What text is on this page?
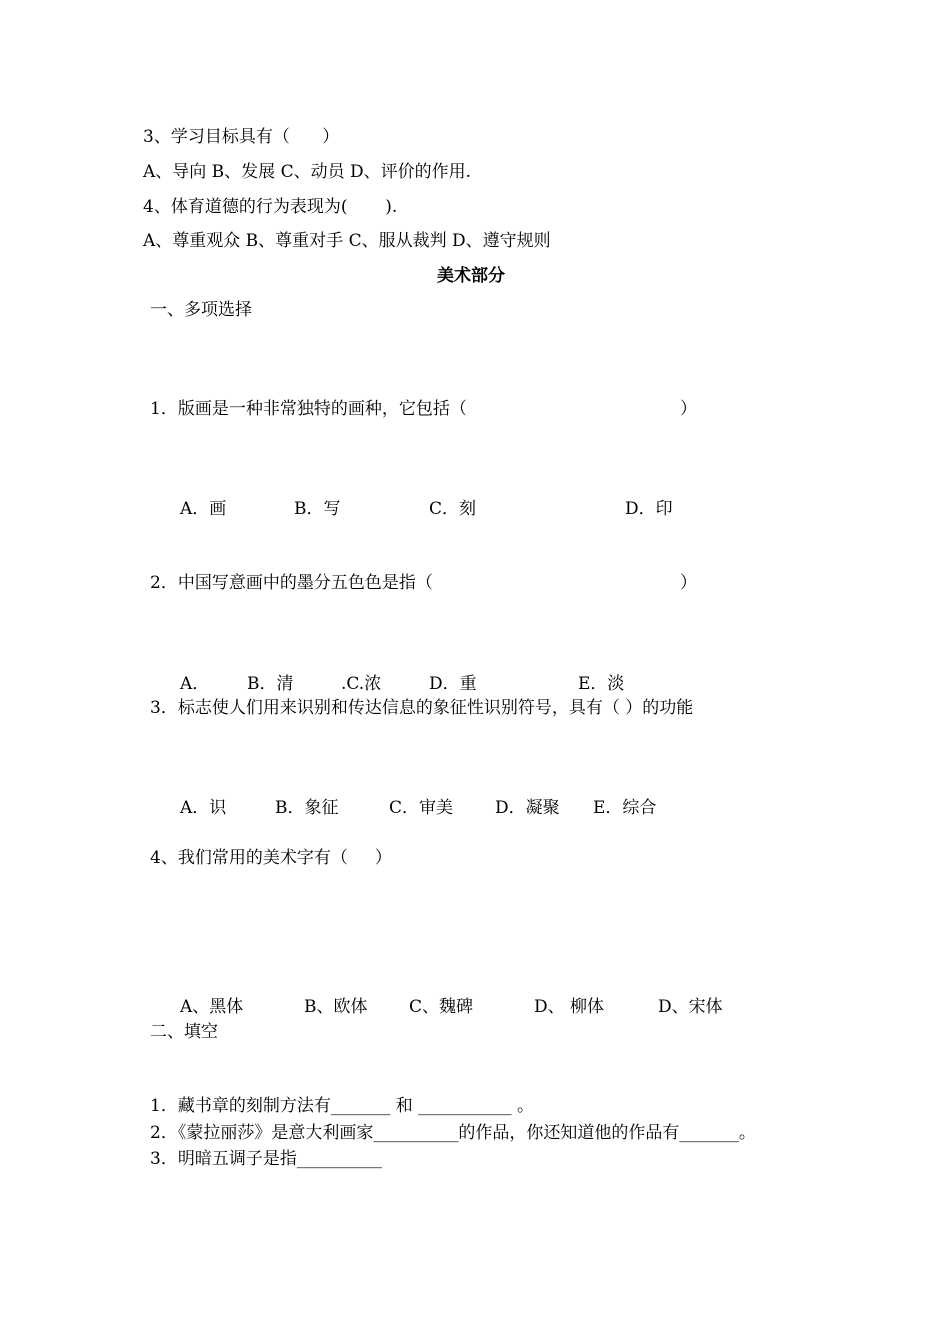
3、学习目标具有（      ）
A、导向 B、发展 C、动员 D、评价的作用.
4、体育道德的行为表现为(       ).
A、尊重观众 B、尊重对手 C、服从裁判 D、遵守规则
美术部分
一、多项选择
1．版画是一种非常独特的画种，它包括（	）
A．画	B．写	C．刻	D．印
2．中国写意画中的墨分五色色是指（	）
A． B．清	.C.浓	D．重	E．淡
3．标志使人们用来识别和传达信息的象征性识别符号，具有（ ）的功能
A．识	B．象征	C．审美 D．凝聚 E．综合
4、我们常用的美术字有（     ）
A、黑体	B、欧体 C、魏碑	D、 柳体	D、宋体
二、填空
1．藏书章的刻制方法有_______ 和 ___________ 。
2．《蒙拉丽莎》是意大利画家__________的作品，你还知道他的作品有_______。
3．明暗五调子是指__________
